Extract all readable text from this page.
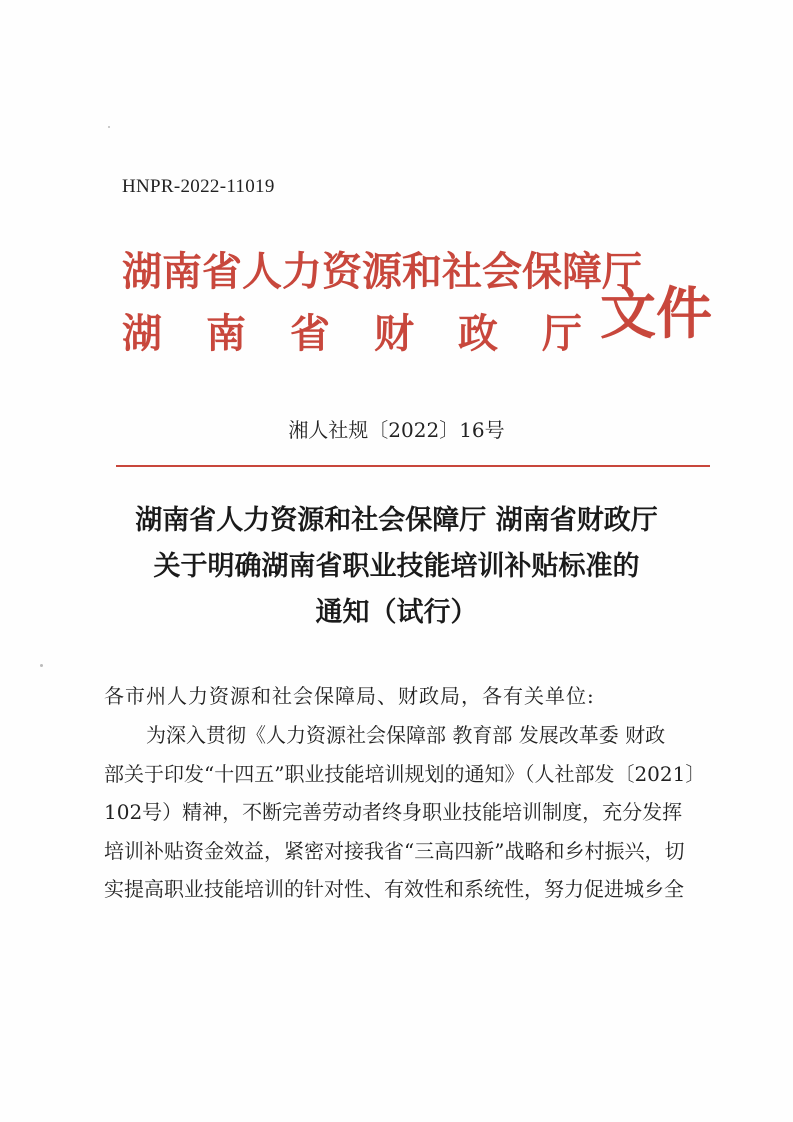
HNPR-2022-11019
湖南省人力资源和社会保障厅
湖 南 省 财 政 厅 文件
湘人社规〔2022〕16号
湖南省人力资源和社会保障厅 湖南省财政厅
关于明确湖南省职业技能培训补贴标准的
通知（试行）
各市州人力资源和社会保障局、财政局，各有关单位:
为深入贯彻《人力资源社会保障部 教育部 发展改革委 财政
部关于印发“十四五”职业技能培训规划的通知》（人社部发〔2021〕
102号）精神，不断完善劳动者终身职业技能培训制度，充分发挥
培训补贴资金效益，紧密对接我省“三高四新”战略和乡村振兴，切
实提高职业技能培训的针对性、有效性和系统性，努力促进城乡全
